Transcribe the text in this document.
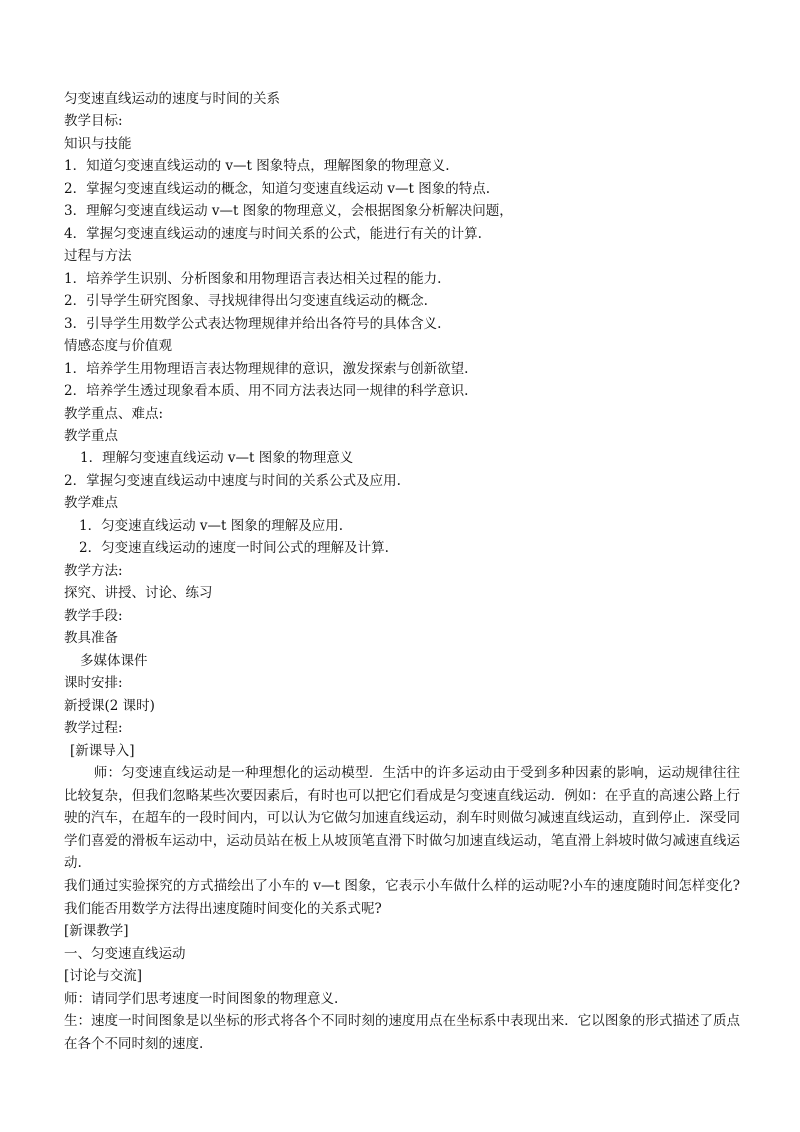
匀变速直线运动的速度与时间的关系
教学目标:
知识与技能
1．知道匀变速直线运动的 v—t 图象特点，理解图象的物理意义.
2．掌握匀变速直线运动的概念，知道匀变速直线运动 v—t 图象的特点.
3．理解匀变速直线运动 v—t 图象的物理意义，会根据图象分析解决问题，
4．掌握匀变速直线运动的速度与时间关系的公式，能进行有关的计算.
过程与方法
1．培养学生识别、分析图象和用物理语言表达相关过程的能力.
2．引导学生研究图象、寻找规律得出匀变速直线运动的概念.
3．引导学生用数学公式表达物理规律并给出各符号的具体含义.
情感态度与价值观
1．培养学生用物理语言表达物理规律的意识，激发探索与创新欲望.
2．培养学生透过现象看本质、用不同方法表达同一规律的科学意识.
教学重点、难点:
教学重点
1．理解匀变速直线运动 v—t 图象的物理意义
2．掌握匀变速直线运动中速度与时间的关系公式及应用.
教学难点
1．匀变速直线运动 v—t 图象的理解及应用.
2．匀变速直线运动的速度一时间公式的理解及计算.
教学方法:
探究、讲授、讨论、练习
教学手段:
教具准备
多媒体课件
课时安排:
新授课(2 课时)
教学过程:
[新课导入]
师：匀变速直线运动是一种理想化的运动模型．生活中的许多运动由于受到多种因素的影响，运动规律往往比较复杂，但我们忽略某些次要因素后，有时也可以把它们看成是匀变速直线运动．例如：在乎直的高速公路上行驶的汽车，在超车的一段时间内，可以认为它做匀加速直线运动，刹车时则做匀减速直线运动，直到停止．深受同学们喜爱的滑板车运动中，运动员站在板上从坡顶笔直滑下时做匀加速直线运动，笔直滑上斜坡时做匀减速直线运动.
我们通过实验探究的方式描绘出了小车的 v—t 图象，它表示小车做什么样的运动呢?小车的速度随时间怎样变化?我们能否用数学方法得出速度随时间变化的关系式呢?
[新课教学]
一、匀变速直线运动
[讨论与交流]
师：请同学们思考速度一时间图象的物理意义.
生：速度一时间图象是以坐标的形式将各个不同时刻的速度用点在坐标系中表现出来．它以图象的形式描述了质点在各个不同时刻的速度.
